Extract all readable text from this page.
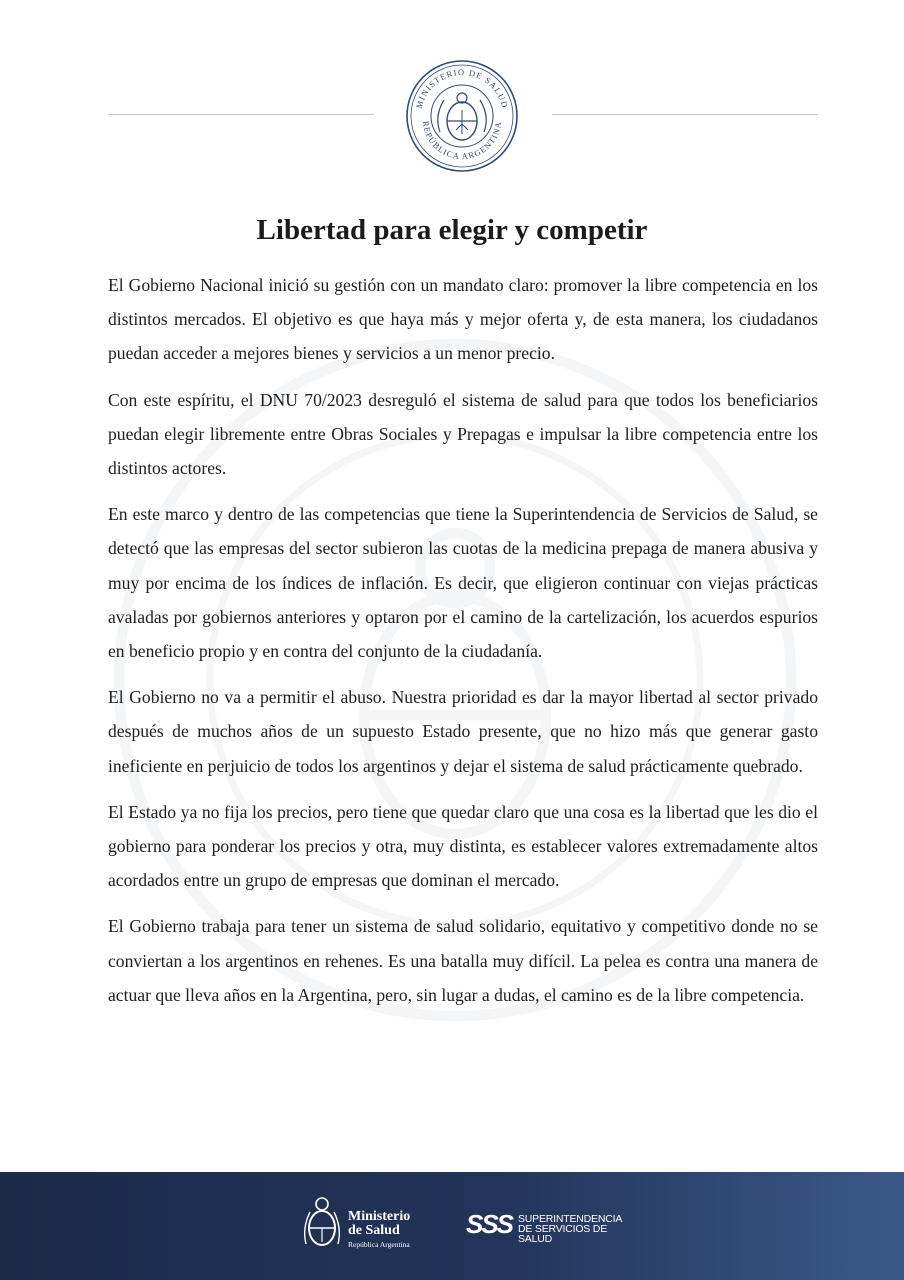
MINISTERIO DE SALUD
REPÚBLICA ARGENTINA
Libertad para elegir y competir

El Gobierno Nacional inició su gestión con un mandato claro: promover la libre competencia en los distintos mercados. El objetivo es que haya más y mejor oferta y, de esta manera, los ciudadanos puedan acceder a mejores bienes y servicios a un menor precio.

Con este espíritu, el DNU 70/2023 desreguló el sistema de salud para que todos los beneficiarios puedan elegir libremente entre Obras Sociales y Prepagas e impulsar la libre competencia entre los distintos actores.

En este marco y dentro de las competencias que tiene la Superintendencia de Servicios de Salud, se detectó que las empresas del sector subieron las cuotas de la medicina prepaga de manera abusiva y muy por encima de los índices de inflación. Es decir, que eligieron continuar con viejas prácticas avaladas por gobiernos anteriores y optaron por el camino de la cartelización, los acuerdos espurios en beneficio propio y en contra del conjunto de la ciudadanía.

El Gobierno no va a permitir el abuso. Nuestra prioridad es dar la mayor libertad al sector privado después de muchos años de un supuesto Estado presente, que no hizo más que generar gasto ineficiente en perjuicio de todos los argentinos y dejar el sistema de salud prácticamente quebrado.

El Estado ya no fija los precios, pero tiene que quedar claro que una cosa es la libertad que les dio el gobierno para ponderar los precios y otra, muy distinta, es establecer valores extremadamente altos acordados entre un grupo de empresas que dominan el mercado.

El Gobierno trabaja para tener un sistema de salud solidario, equitativo y competitivo donde no se conviertan a los argentinos en rehenes. Es una batalla muy difícil. La pelea es contra una manera de actuar que lleva años en la Argentina, pero, sin lugar a dudas, el camino es de la libre competencia.

Ministerio
de Salud
República Argentina
SSS SUPERINTENDENCIA
DE SERVICIOS DE SALUD
